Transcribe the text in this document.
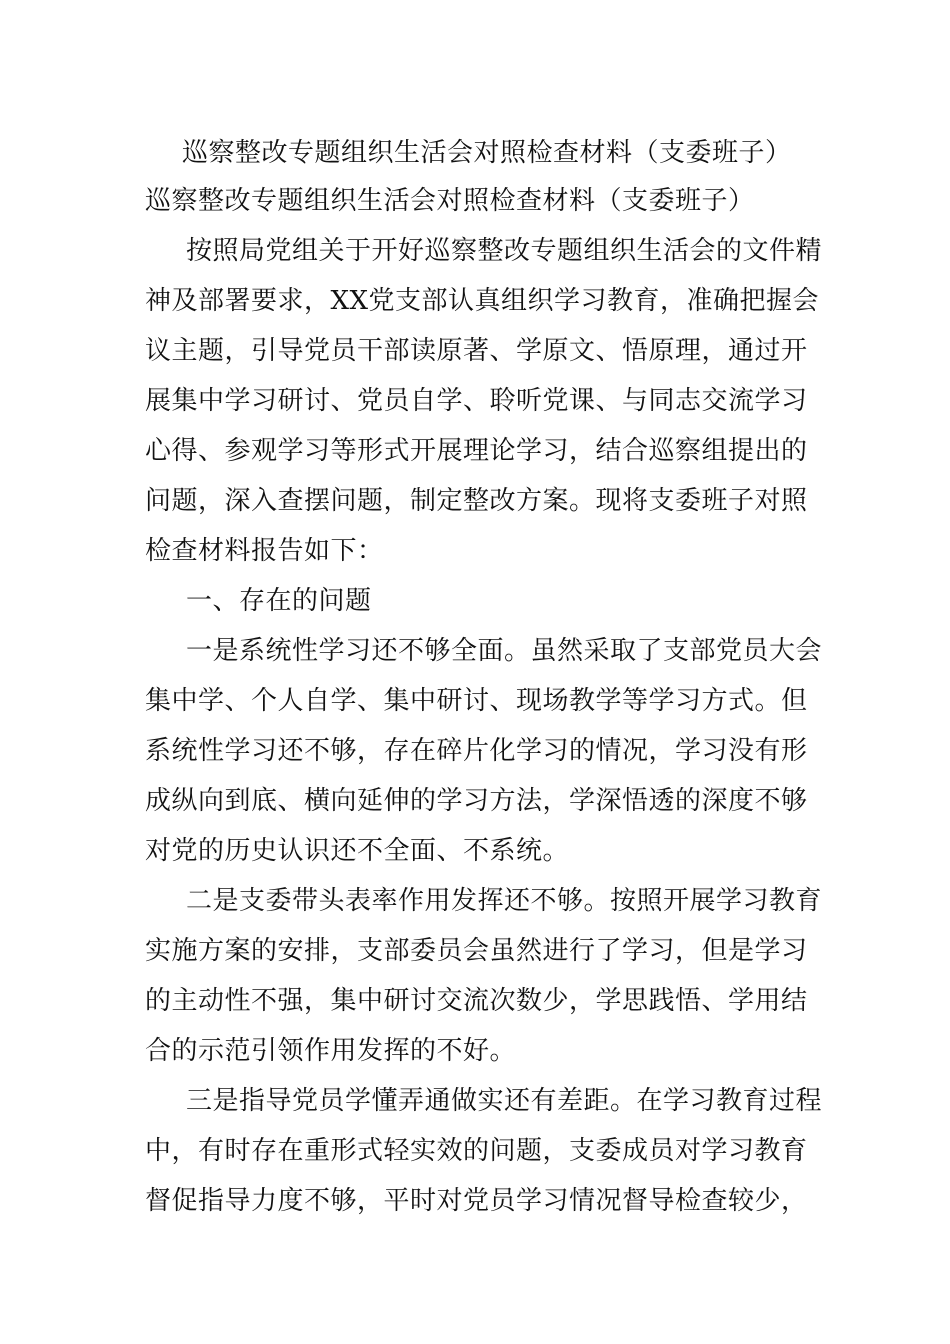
巡察整改专题组织生活会对照检查材料（支委班子）
巡察整改专题组织生活会对照检查材料（支委班子）
按照局党组关于开好巡察整改专题组织生活会的文件精
神及部署要求，XX党支部认真组织学习教育，准确把握会
议主题，引导党员干部读原著、学原文、悟原理，通过开
展集中学习研讨、党员自学、聆听党课、与同志交流学习
心得、参观学习等形式开展理论学习，结合巡察组提出的
问题，深入查摆问题，制定整改方案。现将支委班子对照
检查材料报告如下：
一、存在的问题
一是系统性学习还不够全面。虽然采取了支部党员大会
集中学、个人自学、集中研讨、现场教学等学习方式。但
系统性学习还不够，存在碎片化学习的情况，学习没有形
成纵向到底、横向延伸的学习方法，学深悟透的深度不够
对党的历史认识还不全面、不系统。
二是支委带头表率作用发挥还不够。按照开展学习教育
实施方案的安排，支部委员会虽然进行了学习，但是学习
的主动性不强，集中研讨交流次数少，学思践悟、学用结
合的示范引领作用发挥的不好。
三是指导党员学懂弄通做实还有差距。在学习教育过程
中，有时存在重形式轻实效的问题，支委成员对学习教育
督促指导力度不够，平时对党员学习情况督导检查较少，
